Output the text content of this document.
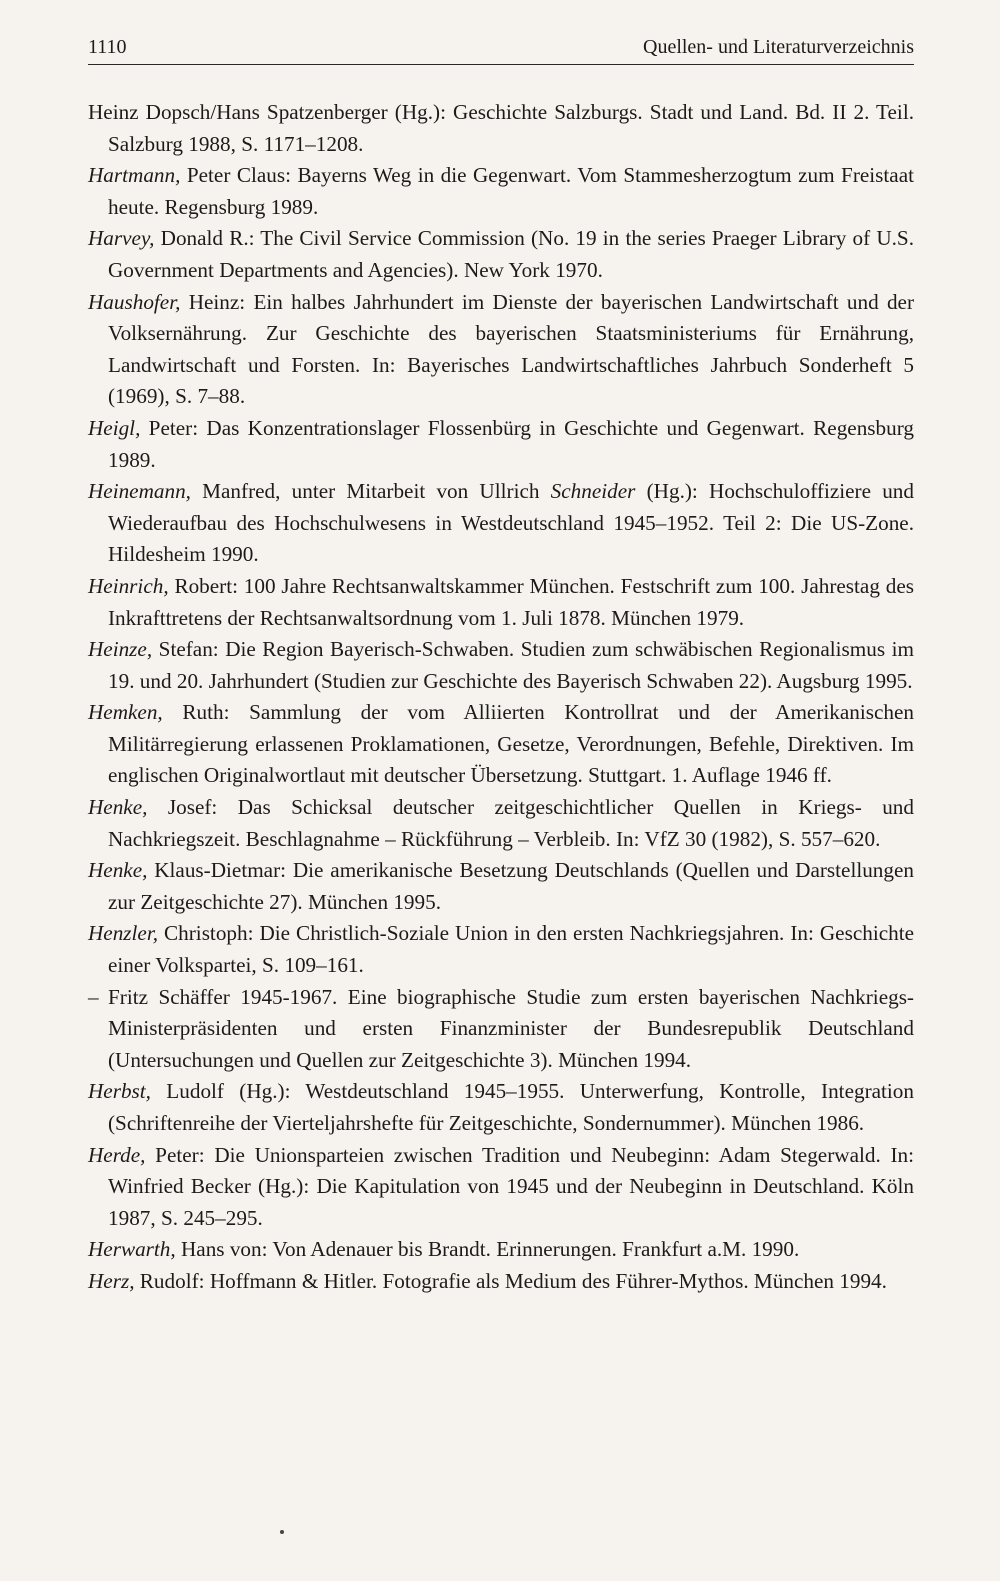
1110	Quellen- und Literaturverzeichnis

Heinz Dopsch/Hans Spatzenberger (Hg.): Geschichte Salzburgs. Stadt und Land. Bd. II 2. Teil. Salzburg 1988, S. 1171–1208.

Hartmann, Peter Claus: Bayerns Weg in die Gegenwart. Vom Stammesherzogtum zum Freistaat heute. Regensburg 1989.

Harvey, Donald R.: The Civil Service Commission (No. 19 in the series Praeger Library of U.S. Government Departments and Agencies). New York 1970.

Haushofer, Heinz: Ein halbes Jahrhundert im Dienste der bayerischen Landwirtschaft und der Volksernährung. Zur Geschichte des bayerischen Staatsministeriums für Ernährung, Landwirtschaft und Forsten. In: Bayerisches Landwirtschaftliches Jahrbuch Sonderheft 5 (1969), S. 7–88.

Heigl, Peter: Das Konzentrationslager Flossenbürg in Geschichte und Gegenwart. Regensburg 1989.

Heinemann, Manfred, unter Mitarbeit von Ullrich Schneider (Hg.): Hochschuloffiziere und Wiederaufbau des Hochschulwesens in Westdeutschland 1945–1952. Teil 2: Die US-Zone. Hildesheim 1990.

Heinrich, Robert: 100 Jahre Rechtsanwaltskammer München. Festschrift zum 100. Jahrestag des Inkrafttretens der Rechtsanwaltsordnung vom 1. Juli 1878. München 1979.

Heinze, Stefan: Die Region Bayerisch-Schwaben. Studien zum schwäbischen Regionalismus im 19. und 20. Jahrhundert (Studien zur Geschichte des Bayerisch Schwaben 22). Augsburg 1995.

Hemken, Ruth: Sammlung der vom Alliierten Kontrollrat und der Amerikanischen Militärregierung erlassenen Proklamationen, Gesetze, Verordnungen, Befehle, Direktiven. Im englischen Originalwortlaut mit deutscher Übersetzung. Stuttgart. 1. Auflage 1946 ff.

Henke, Josef: Das Schicksal deutscher zeitgeschichtlicher Quellen in Kriegs- und Nachkriegszeit. Beschlagnahme – Rückführung – Verbleib. In: VfZ 30 (1982), S. 557–620.

Henke, Klaus-Dietmar: Die amerikanische Besetzung Deutschlands (Quellen und Darstellungen zur Zeitgeschichte 27). München 1995.

Henzler, Christoph: Die Christlich-Soziale Union in den ersten Nachkriegsjahren. In: Geschichte einer Volkspartei, S. 109–161.

– Fritz Schäffer 1945-1967. Eine biographische Studie zum ersten bayerischen Nachkriegs-Ministerpräsidenten und ersten Finanzminister der Bundesrepublik Deutschland (Untersuchungen und Quellen zur Zeitgeschichte 3). München 1994.

Herbst, Ludolf (Hg.): Westdeutschland 1945–1955. Unterwerfung, Kontrolle, Integration (Schriftenreihe der Vierteljahrshefte für Zeitgeschichte, Sondernummer). München 1986.

Herde, Peter: Die Unionsparteien zwischen Tradition und Neubeginn: Adam Stegerwald. In: Winfried Becker (Hg.): Die Kapitulation von 1945 und der Neubeginn in Deutschland. Köln 1987, S. 245–295.

Herwarth, Hans von: Von Adenauer bis Brandt. Erinnerungen. Frankfurt a.M. 1990.

Herz, Rudolf: Hoffmann & Hitler. Fotografie als Medium des Führer-Mythos. München 1994.
